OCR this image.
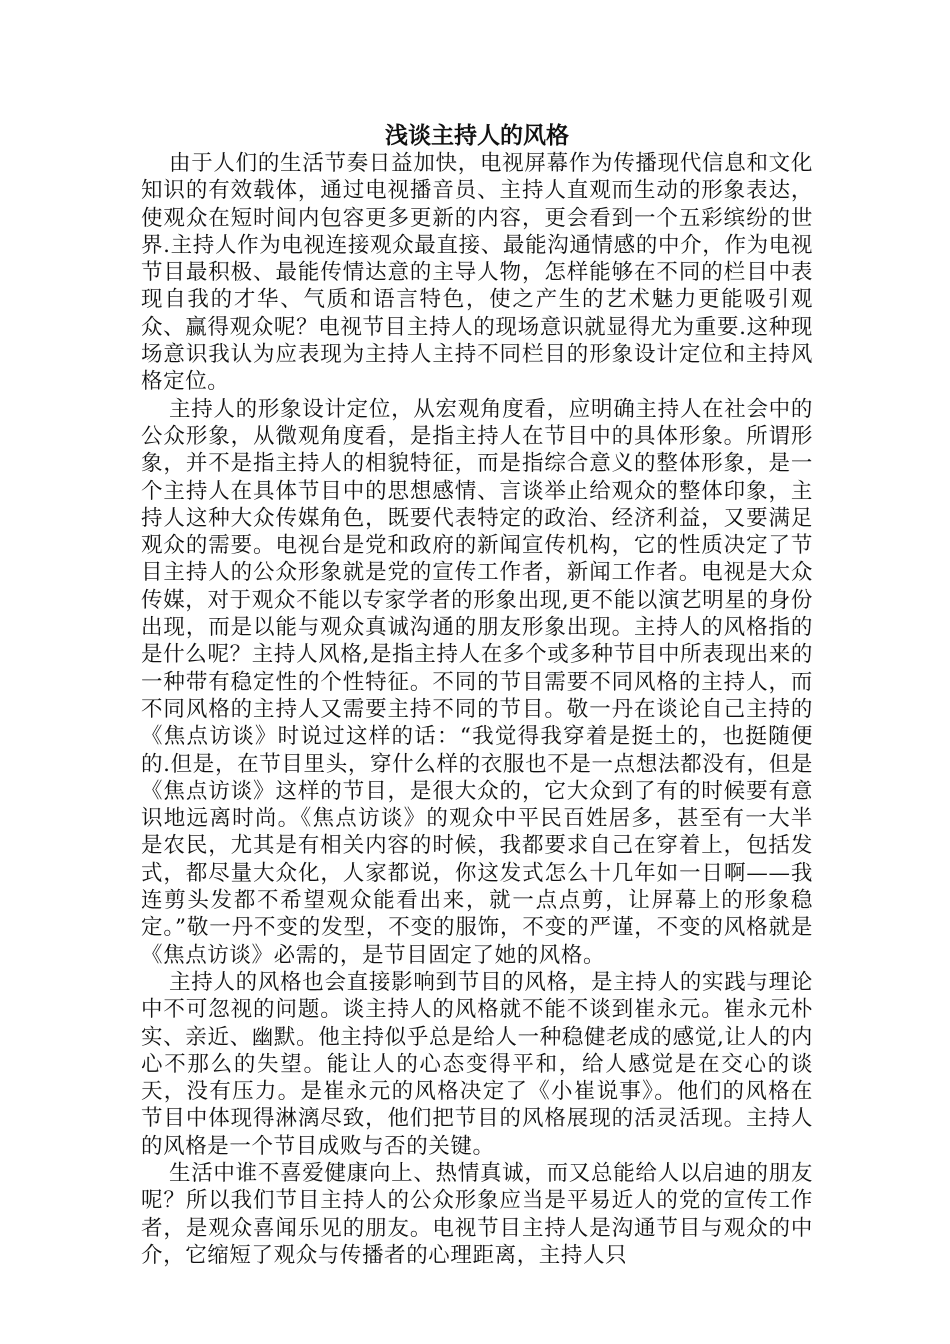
浅谈主持人的风格

由于人们的生活节奏日益加快，电视屏幕作为传播现代信息和文化知识的有效载体，通过电视播音员、主持人直观而生动的形象表达，使观众在短时间内包容更多更新的内容，更会看到一个五彩缤纷的世界.主持人作为电视连接观众最直接、最能沟通情感的中介，作为电视节目最积极、最能传情达意的主导人物，怎样能够在不同的栏目中表现自我的才华、气质和语言特色，使之产生的艺术魅力更能吸引观众、赢得观众呢？电视节目主持人的现场意识就显得尤为重要.这种现场意识我认为应表现为主持人主持不同栏目的形象设计定位和主持风格定位。

主持人的形象设计定位，从宏观角度看，应明确主持人在社会中的公众形象，从微观角度看，是指主持人在节目中的具体形象。所谓形象，并不是指主持人的相貌特征，而是指综合意义的整体形象，是一个主持人在具体节目中的思想感情、言谈举止给观众的整体印象，主持人这种大众传媒角色，既要代表特定的政治、经济利益，又要满足观众的需要。电视台是党和政府的新闻宣传机构，它的性质决定了节目主持人的公众形象就是党的宣传工作者，新闻工作者。电视是大众传媒，对于观众不能以专家学者的形象出现,更不能以演艺明星的身份出现，而是以能与观众真诚沟通的朋友形象出现。主持人的风格指的是什么呢？主持人风格,是指主持人在多个或多种节目中所表现出来的一种带有稳定性的个性特征。不同的节目需要不同风格的主持人，而不同风格的主持人又需要主持不同的节目。敬一丹在谈论自己主持的《焦点访谈》时说过这样的话：“我觉得我穿着是挺土的，也挺随便的.但是，在节目里头，穿什么样的衣服也不是一点想法都没有，但是《焦点访谈》这样的节目，是很大众的，它大众到了有的时候要有意识地远离时尚。《焦点访谈》的观众中平民百姓居多，甚至有一大半是农民，尤其是有相关内容的时候，我都要求自己在穿着上，包括发式，都尽量大众化，人家都说，你这发式怎么十几年如一日啊——我连剪头发都不希望观众能看出来，就一点点剪，让屏幕上的形象稳定。”敬一丹不变的发型，不变的服饰，不变的严谨，不变的风格就是《焦点访谈》必需的，是节目固定了她的风格。

主持人的风格也会直接影响到节目的风格，是主持人的实践与理论中不可忽视的问题。谈主持人的风格就不能不谈到崔永元。崔永元朴实、亲近、幽默。他主持似乎总是给人一种稳健老成的感觉,让人的内心不那么的失望。能让人的心态变得平和，给人感觉是在交心的谈天，没有压力。是崔永元的风格决定了《小崔说事》。他们的风格在节目中体现得淋漓尽致，他们把节目的风格展现的活灵活现。主持人的风格是一个节目成败与否的关键。

生活中谁不喜爱健康向上、热情真诚，而又总能给人以启迪的朋友呢？所以我们节目主持人的公众形象应当是平易近人的党的宣传工作者，是观众喜闻乐见的朋友。电视节目主持人是沟通节目与观众的中介，它缩短了观众与传播者的心理距离，主持人只
